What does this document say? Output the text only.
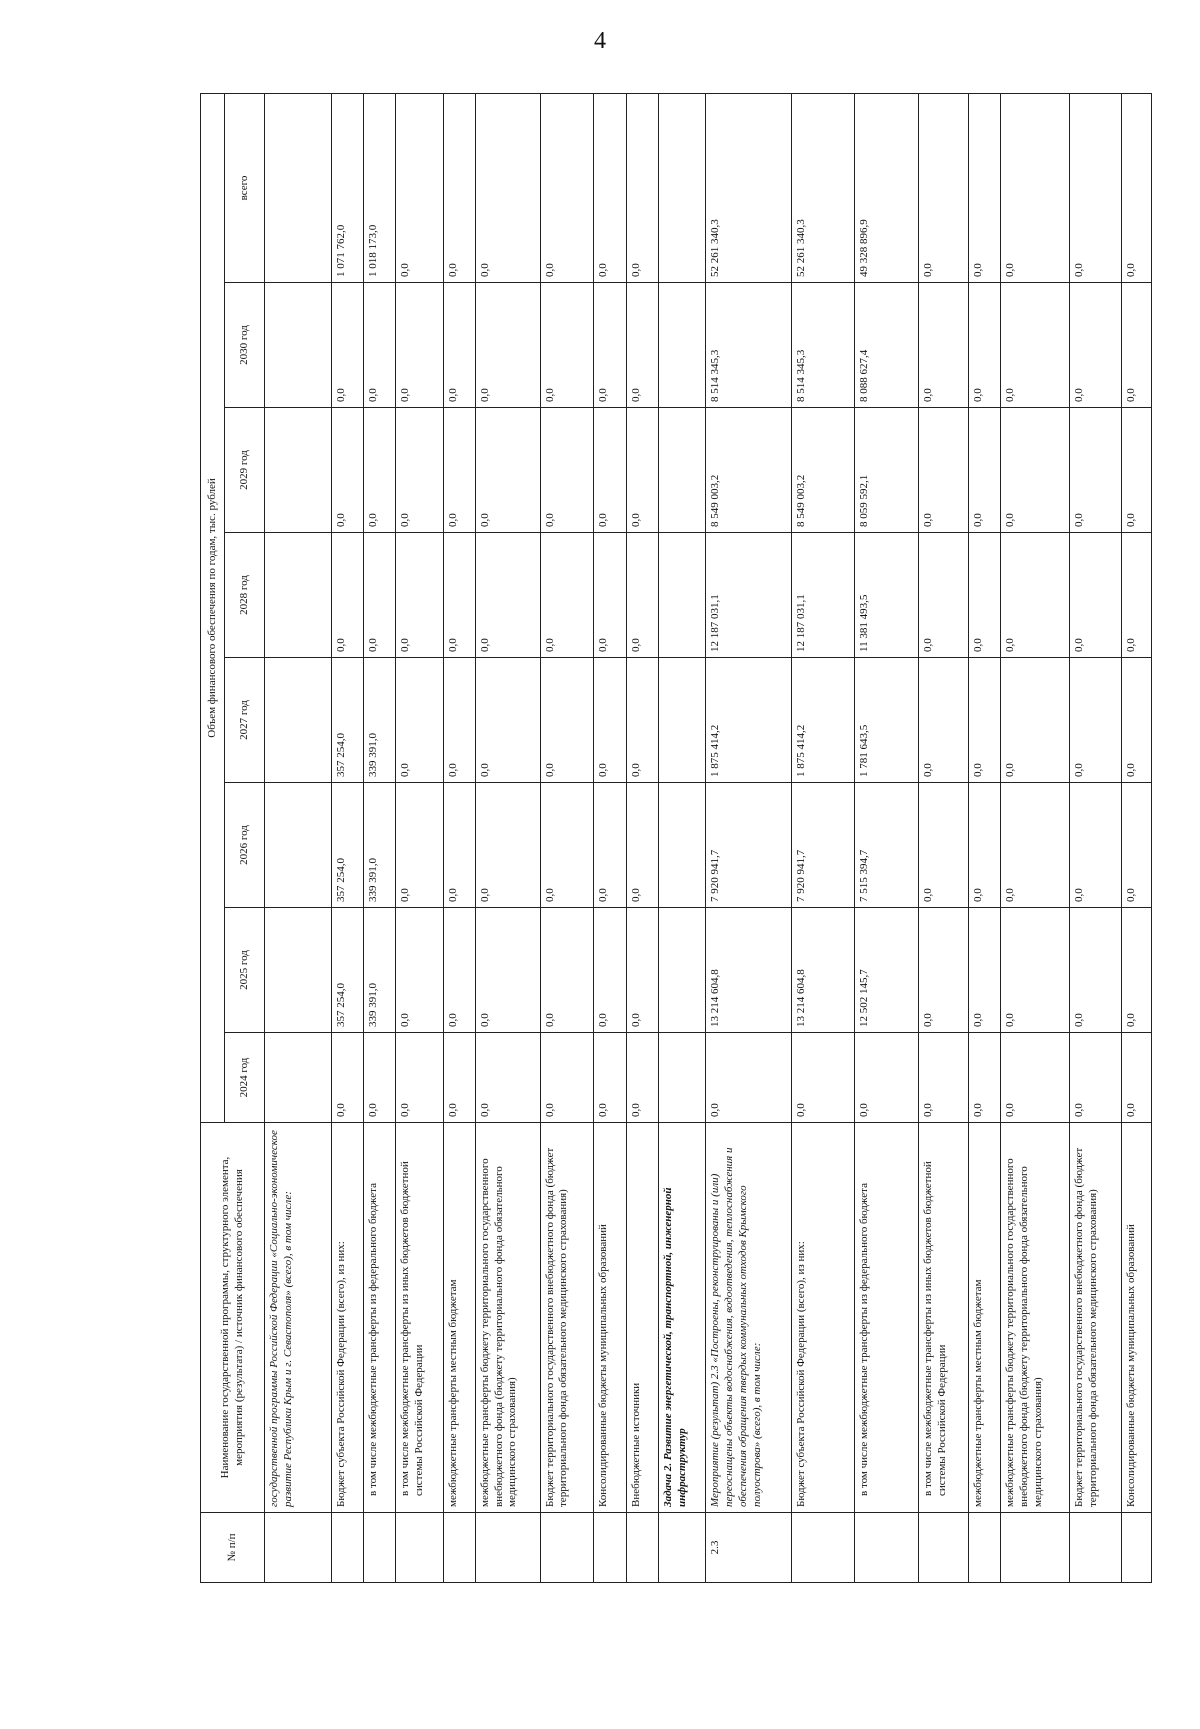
4
№ п/п	Наименование государственной программы, структурного элемента, мероприятия (результата) / источник финансового обеспечения	Объем финансового обеспечения по годам, тыс. рублей							
		2024 год	2025 год	2026 год	2027 год	2028 год	2029 год	2030 год	всего
	государственной программы Российской Федерации «Социально-экономическое развитие Республики Крым и г. Севастополя» (всего), в том числе:								
	Бюджет субъекта Российской Федерации (всего), из них:	0,0	357 254,0	357 254,0	357 254,0	0,0	0,0	0,0	1 071 762,0
	в том числе межбюджетные трансферты из федерального бюджета	0,0	339 391,0	339 391,0	339 391,0	0,0	0,0	0,0	1 018 173,0
	в том числе межбюджетные трансферты из иных бюджетов бюджетной системы Российской Федерации	0,0	0,0	0,0	0,0	0,0	0,0	0,0	0,0
	межбюджетные трансферты местным бюджетам	0,0	0,0	0,0	0,0	0,0	0,0	0,0	0,0
	межбюджетные трансферты бюджету территориального государственного внебюджетного фонда (бюджету территориального фонда обязательного медицинского страхования)	0,0	0,0	0,0	0,0	0,0	0,0	0,0	0,0
	Бюджет территориального государственного внебюджетного фонда (бюджет территориального фонда обязательного медицинского страхования)	0,0	0,0	0,0	0,0	0,0	0,0	0,0	0,0
	Консолидированные бюджеты муниципальных образований	0,0	0,0	0,0	0,0	0,0	0,0	0,0	0,0
	Внебюджетные источники	0,0	0,0	0,0	0,0	0,0	0,0	0,0	0,0
	Задача 2. Развитие энергетической, транспортной, инженерной инфраструктур								
2.3	Мероприятие (результат) 2.3 «Построены, реконструированы и (или) переоснащены объекты водоснабжения, водоотведения, теплоснабжения и обеспечения обращения твердых коммунальных отходов Крымского полуострова» (всего), в том числе:	0,0	13 214 604,8	7 920 941,7	1 875 414,2	12 187 031,1	8 549 003,2	8 514 345,3	52 261 340,3
	Бюджет субъекта Российской Федерации (всего), из них:	0,0	13 214 604,8	7 920 941,7	1 875 414,2	12 187 031,1	8 549 003,2	8 514 345,3	52 261 340,3
	в том числе межбюджетные трансферты из федерального бюджета	0,0	12 502 145,7	7 515 394,7	1 781 643,5	11 381 493,5	8 059 592,1	8 088 627,4	49 328 896,9
	в том числе межбюджетные трансферты из иных бюджетов бюджетной системы Российской Федерации	0,0	0,0	0,0	0,0	0,0	0,0	0,0	0,0
	межбюджетные трансферты местным бюджетам	0,0	0,0	0,0	0,0	0,0	0,0	0,0	0,0
	межбюджетные трансферты бюджету территориального государственного внебюджетного фонда (бюджету территориального фонда обязательного медицинского страхования)	0,0	0,0	0,0	0,0	0,0	0,0	0,0	0,0
	Бюджет территориального государственного внебюджетного фонда (бюджет территориального фонда обязательного медицинского страхования)	0,0	0,0	0,0	0,0	0,0	0,0	0,0	0,0
	Консолидированные бюджеты муниципальных образований	0,0	0,0	0,0	0,0	0,0	0,0	0,0	0,0
